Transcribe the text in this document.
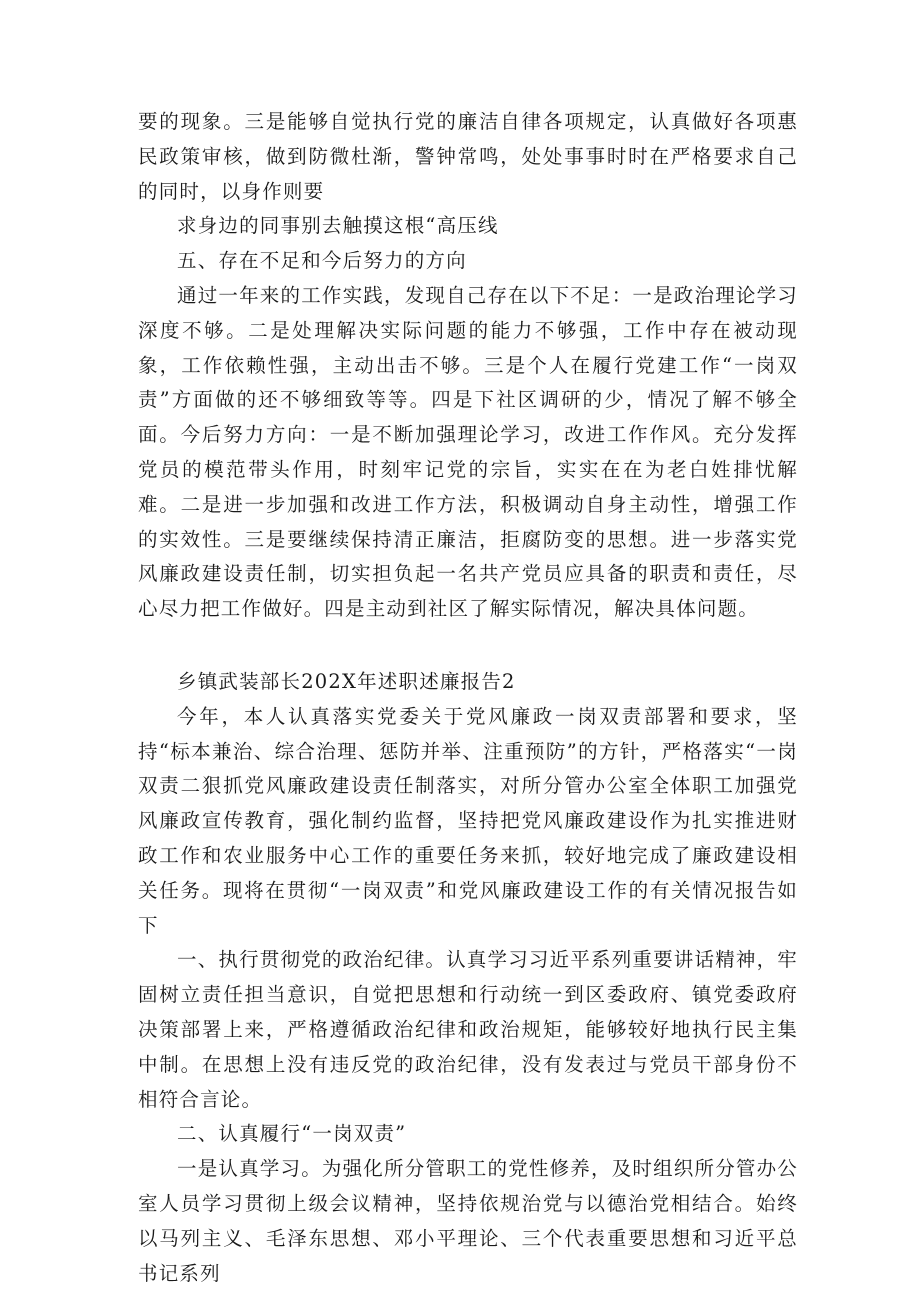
要的现象。三是能够自觉执行党的廉洁自律各项规定，认真做好各项惠民政策审核，做到防微杜渐，警钟常鸣，处处事事时时在严格要求自己的同时，以身作则要

求身边的同事别去触摸这根“高压线

五、存在不足和今后努力的方向

通过一年来的工作实践，发现自己存在以下不足：一是政治理论学习深度不够。二是处理解决实际问题的能力不够强，工作中存在被动现象，工作依赖性强，主动出击不够。三是个人在履行党建工作“一岗双责”方面做的还不够细致等等。四是下社区调研的少，情况了解不够全面。今后努力方向：一是不断加强理论学习，改进工作作风。充分发挥党员的模范带头作用，时刻牢记党的宗旨，实实在在为老白姓排忧解难。二是进一步加强和改进工作方法，积极调动自身主动性，增强工作的实效性。三是要继续保持清正廉洁，拒腐防变的思想。进一步落实党风廉政建设责任制，切实担负起一名共产党员应具备的职责和责任，尽心尽力把工作做好。四是主动到社区了解实际情况，解决具体问题。

乡镇武装部长202X年述职述廉报告2

今年，本人认真落实党委关于党风廉政一岗双责部署和要求，坚持“标本兼治、综合治理、惩防并举、注重预防”的方针，严格落实“一岗双责二狠抓党风廉政建设责任制落实，对所分管办公室全体职工加强党风廉政宣传教育，强化制约监督，坚持把党风廉政建设作为扎实推进财政工作和农业服务中心工作的重要任务来抓，较好地完成了廉政建设相关任务。现将在贯彻“一岗双责”和党风廉政建设工作的有关情况报告如下

一、执行贯彻党的政治纪律。认真学习习近平系列重要讲话精神，牢固树立责任担当意识，自觉把思想和行动统一到区委政府、镇党委政府决策部署上来，严格遵循政治纪律和政治规矩，能够较好地执行民主集中制。在思想上没有违反党的政治纪律，没有发表过与党员干部身份不相符合言论。

二、认真履行“一岗双责”

一是认真学习。为强化所分管职工的党性修养，及时组织所分管办公室人员学习贯彻上级会议精神，坚持依规治党与以德治党相结合。始终以马列主义、毛泽东思想、邓小平理论、三个代表重要思想和习近平总书记系列
